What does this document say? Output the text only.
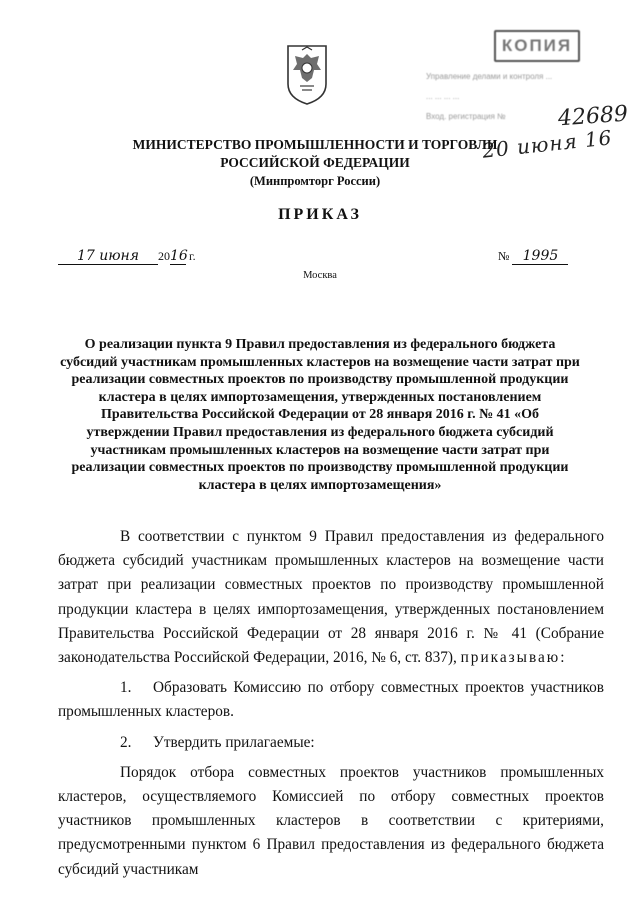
КОПИЯ
Управление делами и контроля ...
... ... ... ...
Вход. регистрация № 42689
20 июня 16
МИНИСТЕРСТВО ПРОМЫШЛЕННОСТИ И ТОРГОВЛИ
РОССИЙСКОЙ ФЕДЕРАЦИИ
(Минпромторг России)
ПРИКАЗ
17 июня 2016 г.	№ 1995
Москва
О реализации пункта 9 Правил предоставления из федерального бюджета субсидий участникам промышленных кластеров на возмещение части затрат при реализации совместных проектов по производству промышленной продукции кластера в целях импортозамещения, утвержденных постановлением Правительства Российской Федерации от 28 января 2016 г. № 41 «Об утверждении Правил предоставления из федерального бюджета субсидий участникам промышленных кластеров на возмещение части затрат при реализации совместных проектов по производству промышленной продукции кластера в целях импортозамещения»

В соответствии с пунктом 9 Правил предоставления из федерального бюджета субсидий участникам промышленных кластеров на возмещение части затрат при реализации совместных проектов по производству промышленной продукции кластера в целях импортозамещения, утвержденных постановлением Правительства Российской Федерации от 28 января 2016 г. № 41 (Собрание законодательства Российской Федерации, 2016, № 6, ст. 837), приказываю:

1. Образовать Комиссию по отбору совместных проектов участников промышленных кластеров.

2. Утвердить прилагаемые:

Порядок отбора совместных проектов участников промышленных кластеров, осуществляемого Комиссией по отбору совместных проектов участников промышленных кластеров в соответствии с критериями, предусмотренными пунктом 6 Правил предоставления из федерального бюджета субсидий участникам
